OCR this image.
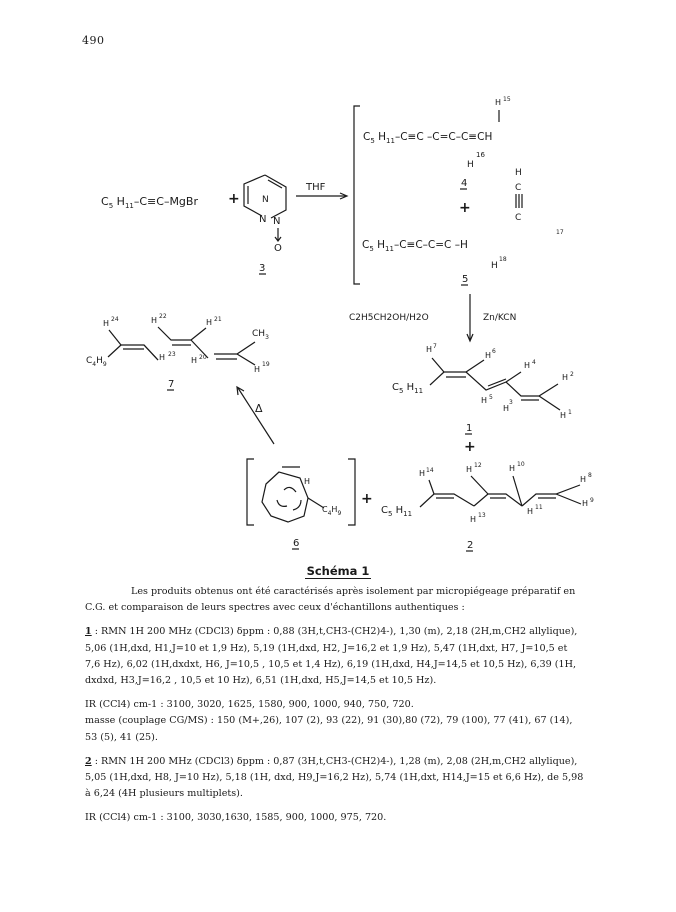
490
$C_5$ $H_{11}-C\equiv C$–MgBr +
N
N
N
O
3
THF
H 15
$C_5$ $H_{11}-C\equiv C$ –C=C–C≡CH
16
H
4
+
H
C
C
$C_5$ $H_{11}-C\equiv C-C=C$ –H
17
18
H
5
C2H5CH2OH/H2O	Zn/KCN
H 7
H 6
$C_5$ $H_{11}$
H 4
H 5
H
3
H 2
H 1
1
+
H 22
H 24	H 21
$C_4H_9$
H 23
H 20
$CH_3$
H
19
7
Δ
H
$C_4H_9$
6
+
H 14	H 12	H 10
H 8
$C_5$ $H_{11}$
H 9
H 13	H 11
2
Schéma 1

Les produits obtenus ont été caractérisés après isolement par micropiégeage préparatif en C.G. et comparaison de leurs spectres avec ceux d'échantillons authentiques :

1 : RMN 1H 200 MHz (CDCl3) δppm : 0,88 (3H,t,CH3-(CH2)4-), 1,30 (m), 2,18 (2H,m,CH2 allylique), 5,06 (1H,dxd, H1,J=10 et 1,9 Hz), 5,19 (1H,dxd, H2, J=16,2 et 1,9 Hz), 5,47 (1H,dxt, H7, J=10,5 et 7,6 Hz), 6,02 (1H,dxdxt, H6, J=10,5 , 10,5 et 1,4 Hz), 6,19 (1H,dxd, H4,J=14,5 et 10,5 Hz), 6,39 (1H, dxdxd, H3,J=16,2 , 10,5 et 10 Hz), 6,51 (1H,dxd, H5,J=14,5 et 10,5 Hz).

IR (CCl4) cm-1 : 3100, 3020, 1625, 1580, 900, 1000, 940, 750, 720.

masse (couplage CG/MS) : 150 (M+,26), 107 (2), 93 (22), 91 (30),80 (72), 79 (100), 77 (41), 67 (14), 53 (5), 41 (25).

2 : RMN 1H 200 MHz (CDCl3) δppm : 0,87 (3H,t,CH3-(CH2)4-), 1,28 (m), 2,08 (2H,m,CH2 allylique), 5,05 (1H,dxd, H8, J=10 Hz), 5,18 (1H, dxd, H9,J=16,2 Hz), 5,74 (1H,dxt, H14,J=15 et 6,6 Hz), de 5,98 à 6,24 (4H plusieurs multiplets).

IR (CCl4) cm-1 : 3100, 3030,1630, 1585, 900, 1000, 975, 720.
